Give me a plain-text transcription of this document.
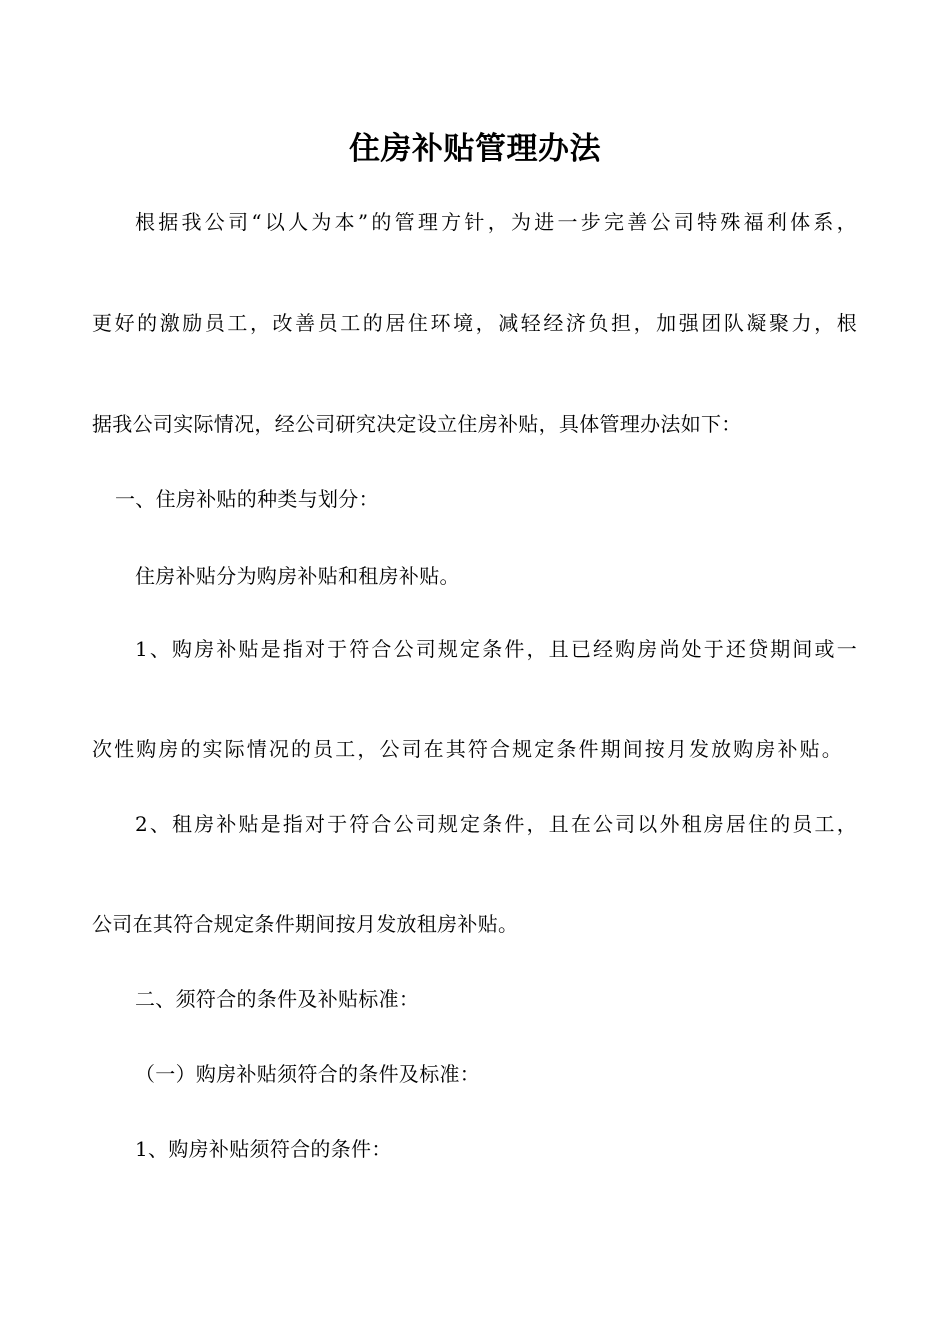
住房补贴管理办法
根据我公司“以人为本”的管理方针，为进一步完善公司特殊福利体系，
更好的激励员工，改善员工的居住环境，减轻经济负担，加强团队凝聚力，根
据我公司实际情况，经公司研究决定设立住房补贴，具体管理办法如下：
一、住房补贴的种类与划分：
住房补贴分为购房补贴和租房补贴。
1、购房补贴是指对于符合公司规定条件，且已经购房尚处于还贷期间或一
次性购房的实际情况的员工，公司在其符合规定条件期间按月发放购房补贴。
2、租房补贴是指对于符合公司规定条件，且在公司以外租房居住的员工，
公司在其符合规定条件期间按月发放租房补贴。
二、须符合的条件及补贴标准：
（一）购房补贴须符合的条件及标准：
1、购房补贴须符合的条件：
